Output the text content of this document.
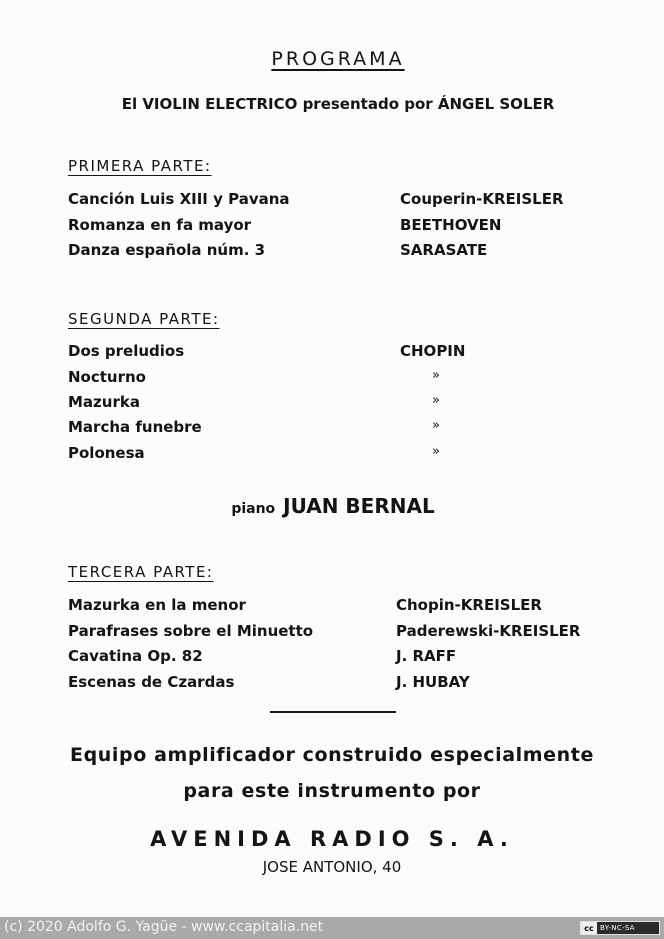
PROGRAMA
El VIOLIN ELECTRICO presentado por ÁNGEL SOLER
PRIMERA PARTE:
Canción Luis XIII y Pavana	Couperin-KREISLER
Romanza en fa mayor	BEETHOVEN
Danza española núm. 3	SARASATE
SEGUNDA PARTE:
Dos preludios	CHOPIN
Nocturno	»
Mazurka	»
Marcha funebre	»
Polonesa	»
piano JUAN BERNAL
TERCERA PARTE:
Mazurka en la menor	Chopin-KREISLER
Parafrases sobre el Minuetto	Paderewski-KREISLER
Cavatina Op. 82	J. RAFF
Escenas de Czardas	J. HUBAY
Equipo amplificador construido especialmente
para este instrumento por
AVENIDA RADIO S. A.
JOSE ANTONIO, 40
(c) 2020 Adolfo G. Yagüe - www.ccapitalia.net	cc BY-NC-SA
